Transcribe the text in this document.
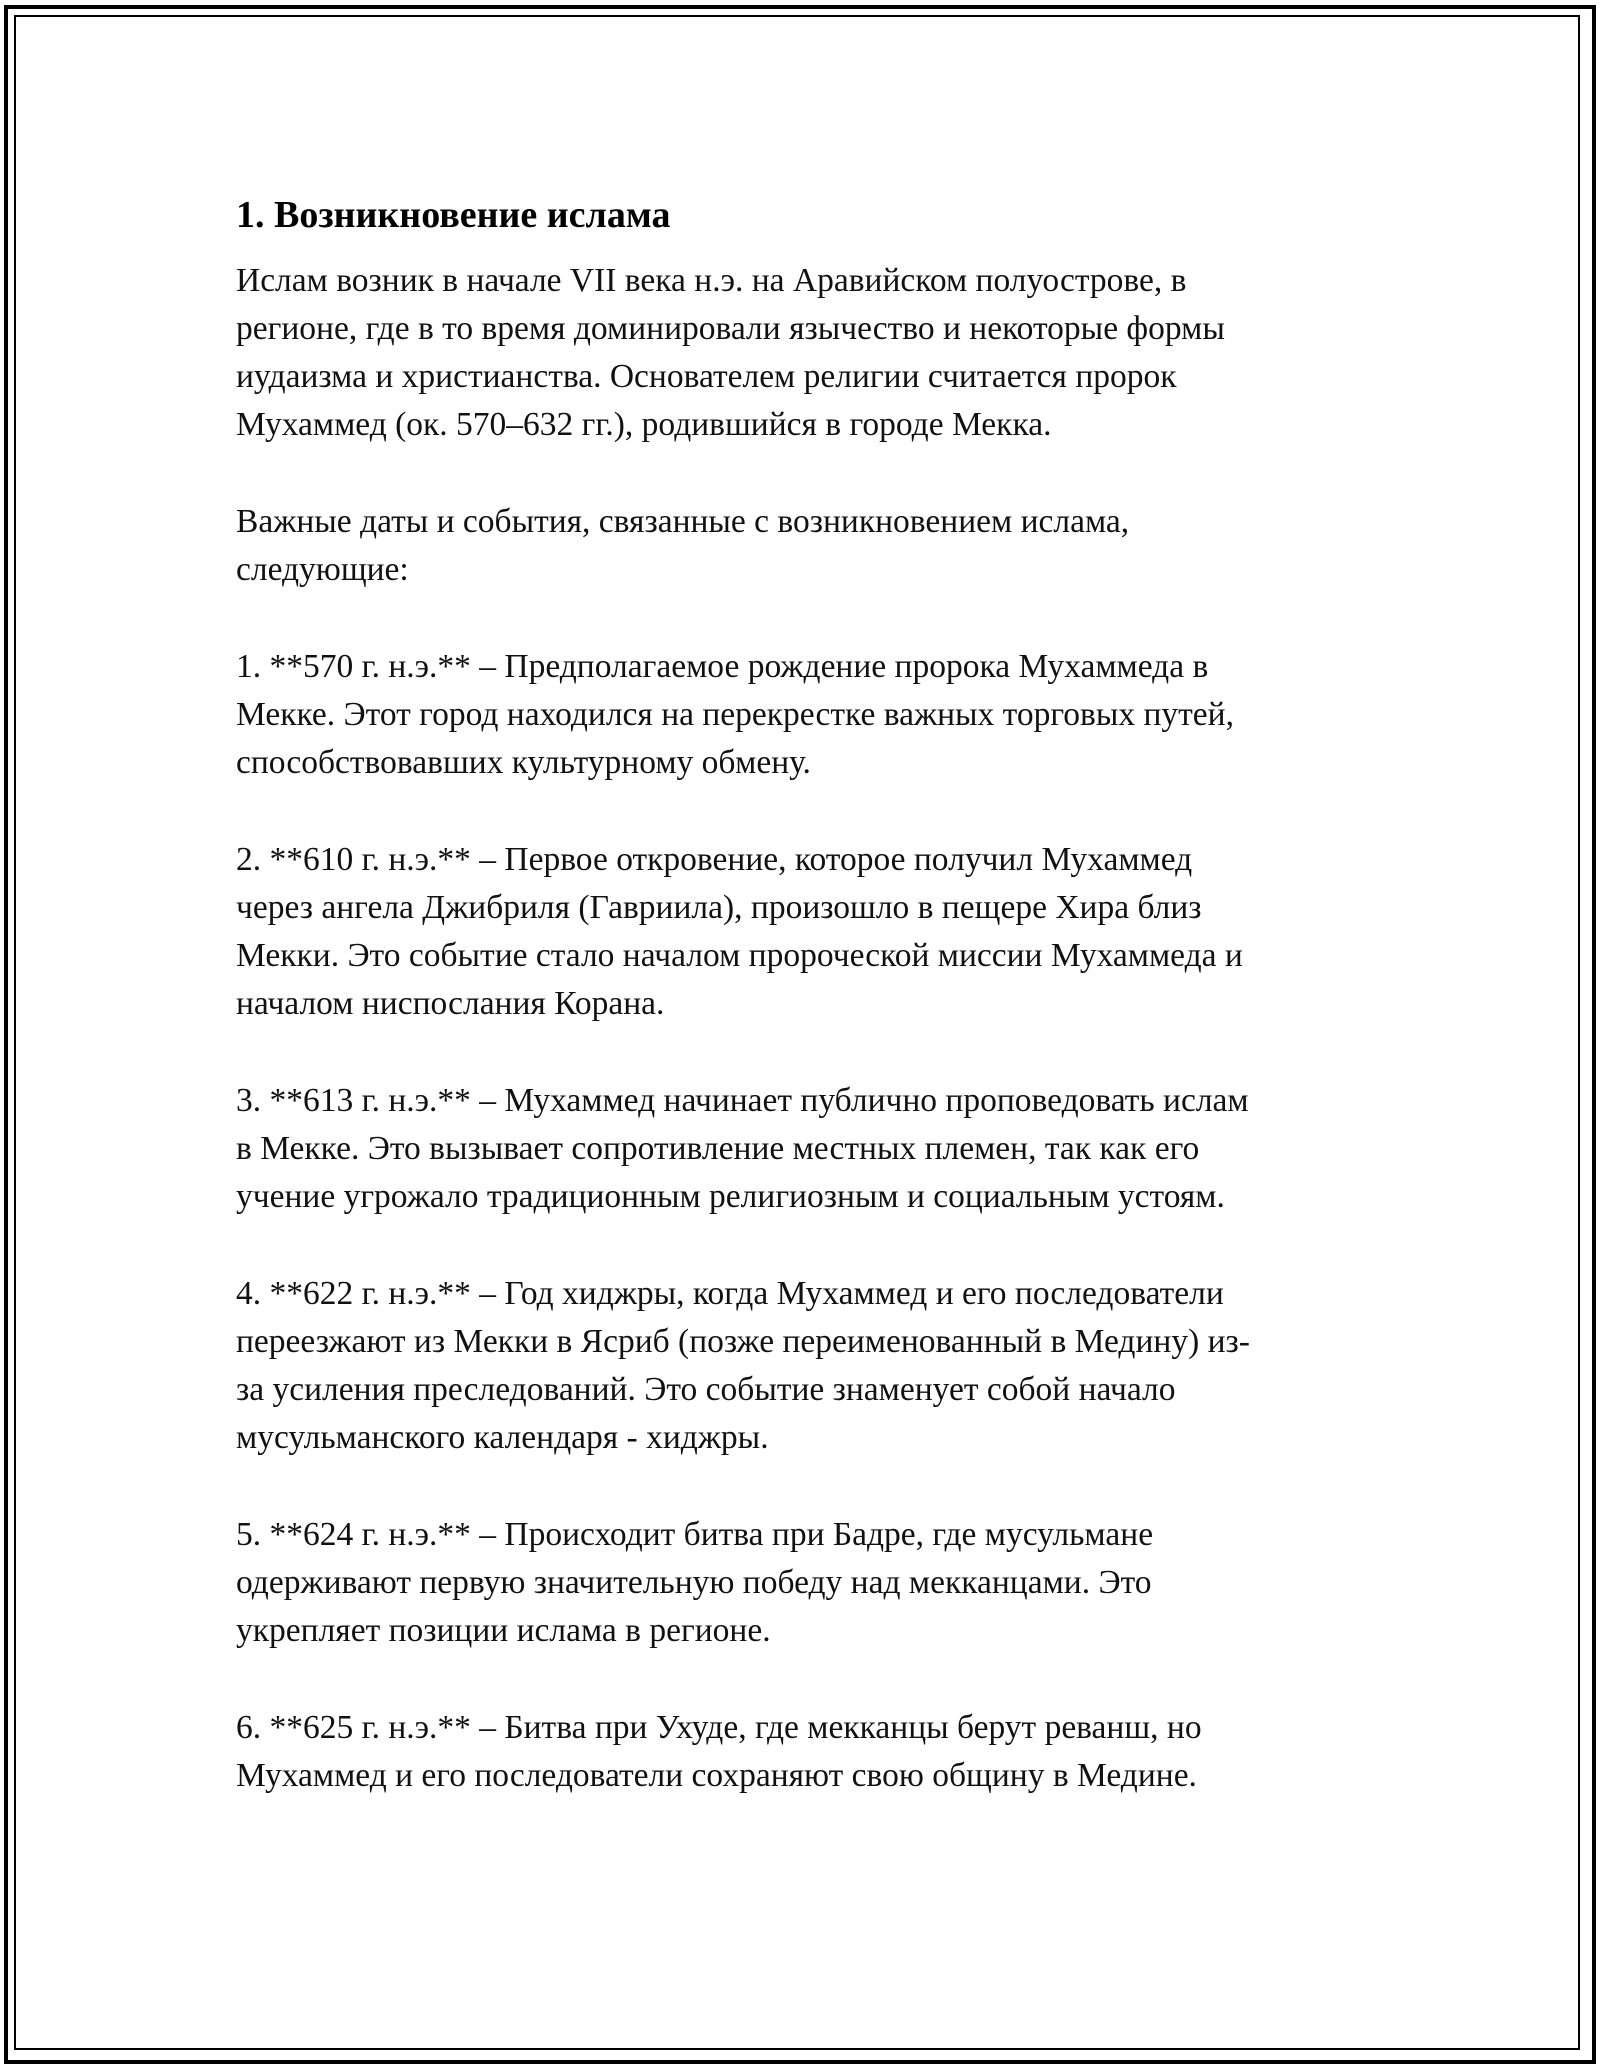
1. Возникновение ислама

Ислам возник в начале VII века н.э. на Аравийском полуострове, в
регионе, где в то время доминировали язычество и некоторые формы
иудаизма и христианства. Основателем религии считается пророк
Мухаммед (ок. 570–632 гг.), родившийся в городе Мекка.

Важные даты и события, связанные с возникновением ислама,
следующие:

1. **570 г. н.э.** – Предполагаемое рождение пророка Мухаммеда в
Мекке. Этот город находился на перекрестке важных торговых путей,
способствовавших культурному обмену.

2. **610 г. н.э.** – Первое откровение, которое получил Мухаммед
через ангела Джибриля (Гавриила), произошло в пещере Хира близ
Мекки. Это событие стало началом пророческой миссии Мухаммеда и
началом ниспослания Корана.

3. **613 г. н.э.** – Мухаммед начинает публично проповедовать ислам
в Мекке. Это вызывает сопротивление местных племен, так как его
учение угрожало традиционным религиозным и социальным устоям.

4. **622 г. н.э.** – Год хиджры, когда Мухаммед и его последователи
переезжают из Мекки в Ясриб (позже переименованный в Медину) из-
за усиления преследований. Это событие знаменует собой начало
мусульманского календаря - хиджры.

5. **624 г. н.э.** – Происходит битва при Бадре, где мусульмане
одерживают первую значительную победу над мекканцами. Это
укрепляет позиции ислама в регионе.

6. **625 г. н.э.** – Битва при Ухуде, где мекканцы берут реванш, но
Мухаммед и его последователи сохраняют свою общину в Медине.
